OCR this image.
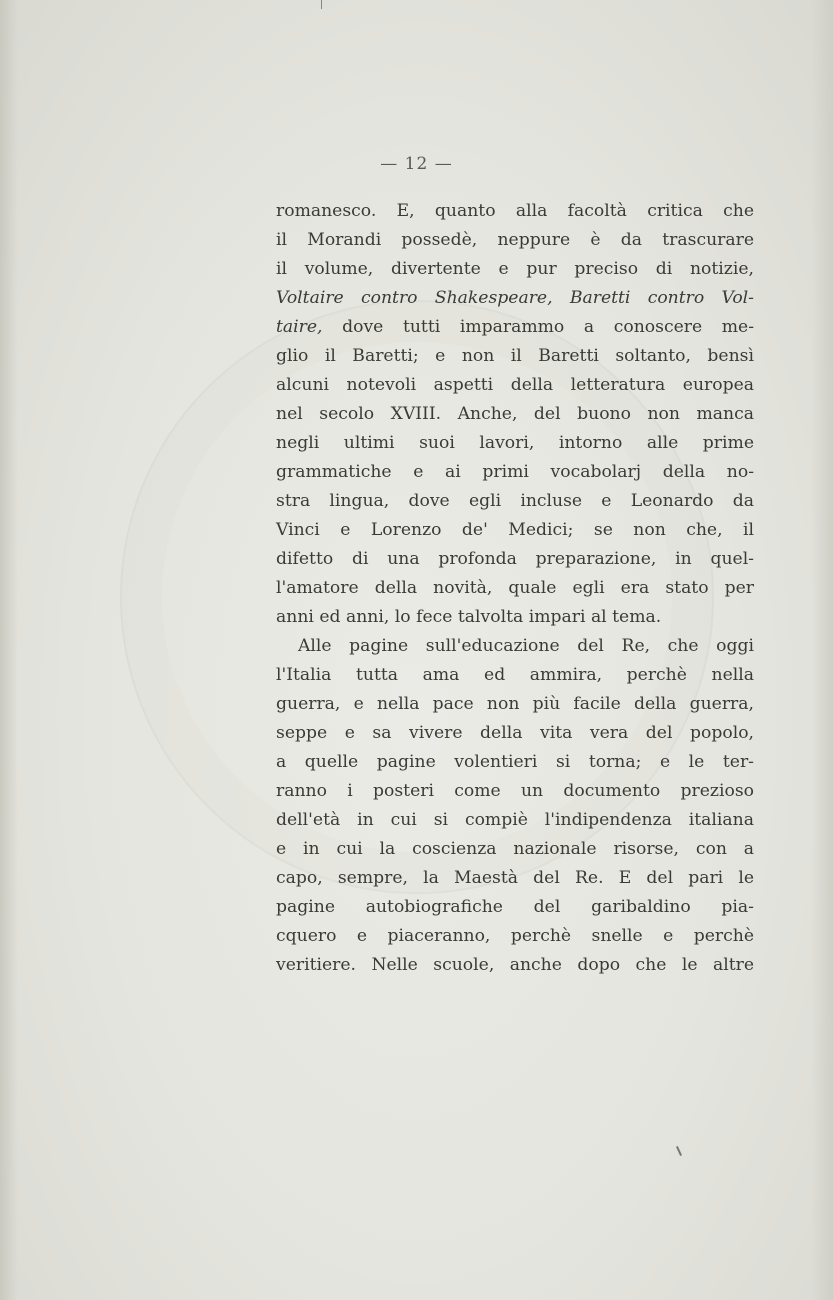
— 12 —
romanesco. E, quanto alla facoltà critica che
il Morandi possedè, neppure è da trascurare
il volume, divertente e pur preciso di notizie,
Voltaire contro Shakespeare, Baretti contro Vol-
taire, dove tutti imparammo a conoscere me-
glio il Baretti; e non il Baretti soltanto, bensì
alcuni notevoli aspetti della letteratura europea
nel secolo XVIII. Anche, del buono non manca
negli ultimi suoi lavori, intorno alle prime
grammatiche e ai primi vocabolarj della no-
stra lingua, dove egli incluse e Leonardo da
Vinci e Lorenzo de' Medici; se non che, il
difetto di una profonda preparazione, in quel-
l'amatore della novità, quale egli era stato per
anni ed anni, lo fece talvolta impari al tema.
Alle pagine sull'educazione del Re, che oggi
l'Italia tutta ama ed ammira, perchè nella
guerra, e nella pace non più facile della guerra,
seppe e sa vivere della vita vera del popolo,
a quelle pagine volentieri si torna; e le ter-
ranno i posteri come un documento prezioso
dell'età in cui si compiè l'indipendenza italiana
e in cui la coscienza nazionale risorse, con a
capo, sempre, la Maestà del Re. E del pari le
pagine autobiografiche del garibaldino pia-
cquero e piaceranno, perchè snelle e perchè
veritiere. Nelle scuole, anche dopo che le altre
